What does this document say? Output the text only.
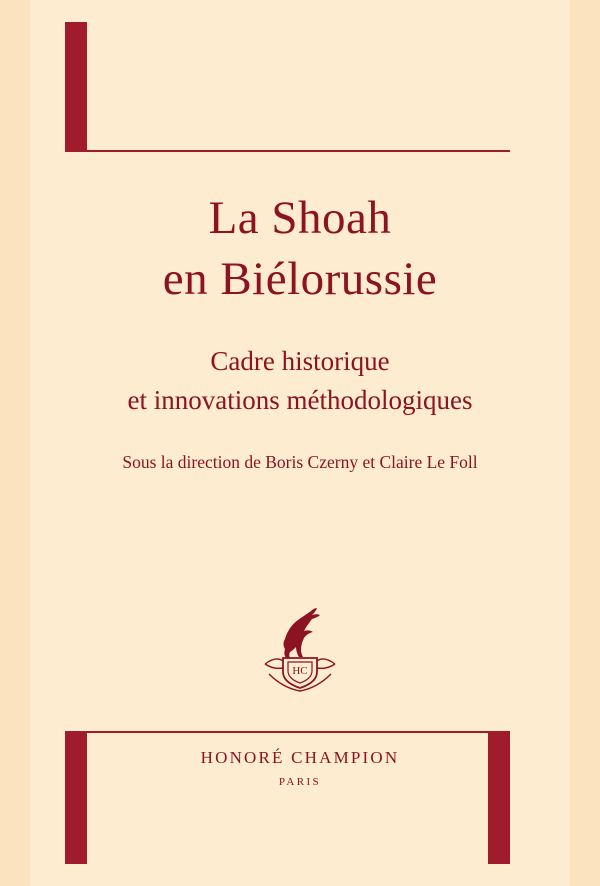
La Shoah
en Biélorussie
Cadre historique
et innovations méthodologiques
Sous la direction de Boris Czerny et Claire Le Foll
HC
HONORÉ CHAMPION
PARIS
